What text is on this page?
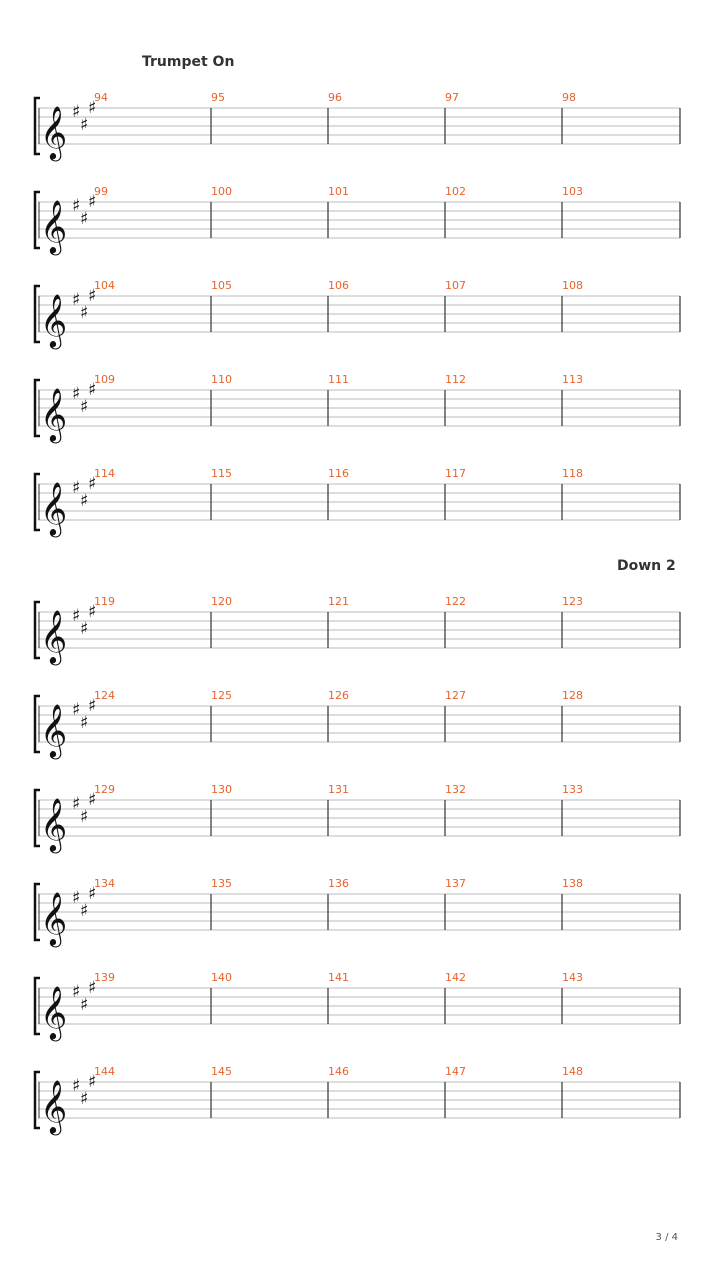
Trumpet On
Down 2
𝄞 ♯
♯
♯
94	95	96	97	98
𝄞 ♯
♯
♯
99	100	101	102	103
𝄞 ♯
♯
♯
104	105	106	107	108
𝄞 ♯
♯
♯
109	110	111	112	113
𝄞 ♯
♯
♯
114	115	116	117	118
𝄞 ♯
♯
♯
119	120	121	122	123
𝄞 ♯
♯
♯
124	125	126	127	128
𝄞 ♯
♯
♯
129	130	131	132	133
𝄞 ♯
♯
♯
134	135	136	137	138
𝄞 ♯
♯
♯
139	140	141	142	143
𝄞 ♯
♯
♯
144	145	146	147	148
3 / 4
